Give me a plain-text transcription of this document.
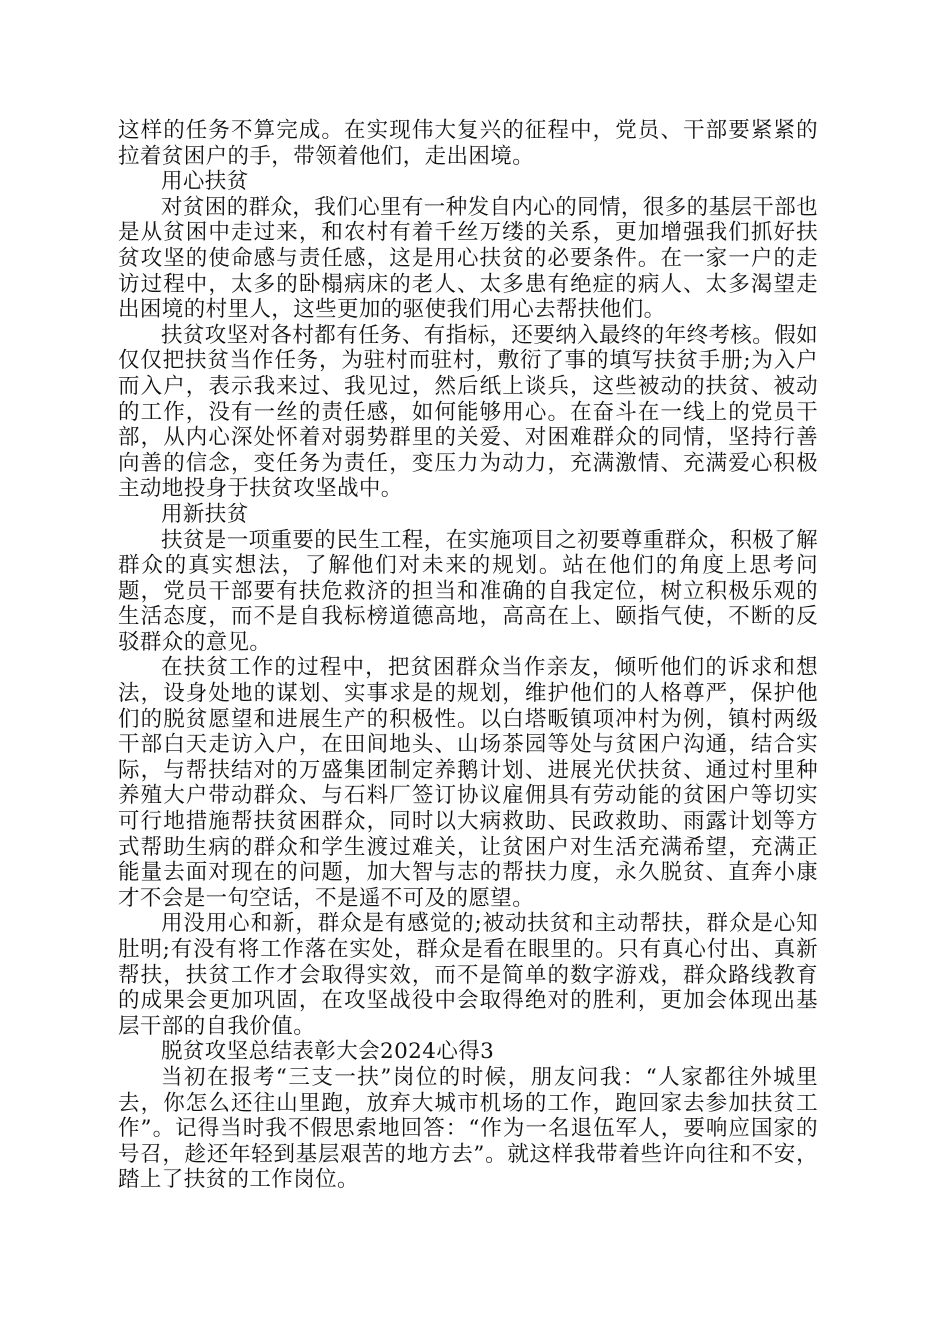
这样的任务不算完成。在实现伟大复兴的征程中，党员、干部要紧紧的拉着贫困户的手，带领着他们，走出困境。

用心扶贫

对贫困的群众，我们心里有一种发自内心的同情，很多的基层干部也是从贫困中走过来，和农村有着千丝万缕的关系，更加增强我们抓好扶贫攻坚的使命感与责任感，这是用心扶贫的必要条件。在一家一户的走访过程中，太多的卧榻病床的老人、太多患有绝症的病人、太多渴望走出困境的村里人，这些更加的驱使我们用心去帮扶他们。

扶贫攻坚对各村都有任务、有指标，还要纳入最终的年终考核。假如仅仅把扶贫当作任务，为驻村而驻村，敷衍了事的填写扶贫手册;为入户而入户，表示我来过、我见过，然后纸上谈兵，这些被动的扶贫、被动的工作，没有一丝的责任感，如何能够用心。在奋斗在一线上的党员干部，从内心深处怀着对弱势群里的关爱、对困难群众的同情，坚持行善向善的信念，变任务为责任，变压力为动力，充满激情、充满爱心积极主动地投身于扶贫攻坚战中。

用新扶贫

扶贫是一项重要的民生工程，在实施项目之初要尊重群众，积极了解群众的真实想法，了解他们对未来的规划。站在他们的角度上思考问题，党员干部要有扶危救济的担当和准确的自我定位，树立积极乐观的生活态度，而不是自我标榜道德高地，高高在上、颐指气使，不断的反驳群众的意见。

在扶贫工作的过程中，把贫困群众当作亲友，倾听他们的诉求和想法，设身处地的谋划、实事求是的规划，维护他们的人格尊严，保护他们的脱贫愿望和进展生产的积极性。以白塔畈镇项冲村为例，镇村两级干部白天走访入户，在田间地头、山场茶园等处与贫困户沟通，结合实际，与帮扶结对的万盛集团制定养鹅计划、进展光伏扶贫、通过村里种养殖大户带动群众、与石料厂签订协议雇佣具有劳动能的贫困户等切实可行地措施帮扶贫困群众，同时以大病救助、民政救助、雨露计划等方式帮助生病的群众和学生渡过难关，让贫困户对生活充满希望，充满正能量去面对现在的问题，加大智与志的帮扶力度，永久脱贫、直奔小康才不会是一句空话，不是遥不可及的愿望。

用没用心和新，群众是有感觉的;被动扶贫和主动帮扶，群众是心知肚明;有没有将工作落在实处，群众是看在眼里的。只有真心付出、真新帮扶，扶贫工作才会取得实效，而不是简单的数字游戏，群众路线教育的成果会更加巩固，在攻坚战役中会取得绝对的胜利，更加会体现出基层干部的自我价值。

脱贫攻坚总结表彰大会2024心得3

当初在报考“三支一扶”岗位的时候，朋友问我：“人家都往外城里去，你怎么还往山里跑，放弃大城市机场的工作，跑回家去参加扶贫工作”。记得当时我不假思索地回答：“作为一名退伍军人，要响应国家的号召，趁还年轻到基层艰苦的地方去”。就这样我带着些许向往和不安，踏上了扶贫的工作岗位。
